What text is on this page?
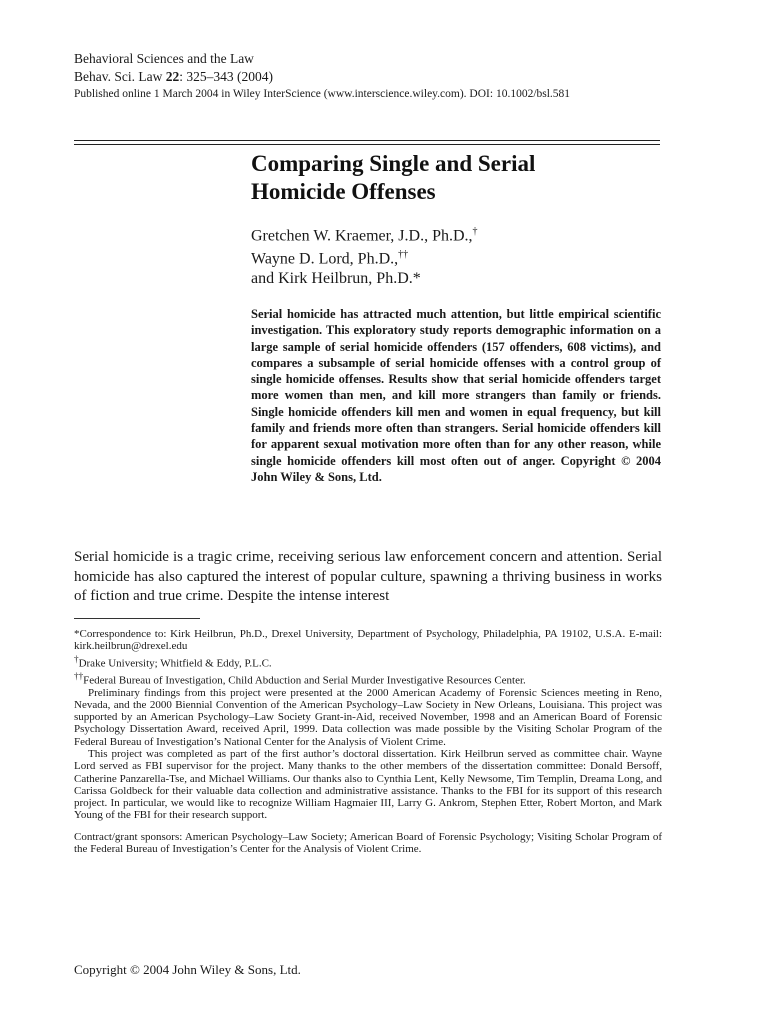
Behavioral Sciences and the Law
Behav. Sci. Law 22: 325–343 (2004)
Published online 1 March 2004 in Wiley InterScience (www.interscience.wiley.com). DOI: 10.1002/bsl.581
Comparing Single and Serial
Homicide Offenses
Gretchen W. Kraemer, J.D., Ph.D.,†
Wayne D. Lord, Ph.D.,††
and Kirk Heilbrun, Ph.D.*
Serial homicide has attracted much attention, but little empirical scientific investigation. This exploratory study reports demographic information on a large sample of serial homicide offenders (157 offenders, 608 victims), and compares a subsample of serial homicide offenses with a control group of single homicide offenses. Results show that serial homicide offenders target more women than men, and kill more strangers than family or friends. Single homicide offenders kill men and women in equal frequency, but kill family and friends more often than strangers. Serial homicide offenders kill for apparent sexual motivation more often than for any other reason, while single homicide offenders kill most often out of anger. Copyright © 2004 John Wiley & Sons, Ltd.
Serial homicide is a tragic crime, receiving serious law enforcement concern and attention. Serial homicide has also captured the interest of popular culture, spawning a thriving business in works of fiction and true crime. Despite the intense interest

*Correspondence to: Kirk Heilbrun, Ph.D., Drexel University, Department of Psychology, Philadelphia, PA 19102, U.S.A. E-mail: kirk.heilbrun@drexel.edu

†Drake University; Whitfield & Eddy, P.L.C.

††Federal Bureau of Investigation, Child Abduction and Serial Murder Investigative Resources Center.

Preliminary findings from this project were presented at the 2000 American Academy of Forensic Sciences meeting in Reno, Nevada, and the 2000 Biennial Convention of the American Psychology–Law Society in New Orleans, Louisiana. This project was supported by an American Psychology–Law Society Grant-in-Aid, received November, 1998 and an American Board of Forensic Psychology Dissertation Award, received April, 1999. Data collection was made possible by the Visiting Scholar Program of the Federal Bureau of Investigation’s National Center for the Analysis of Violent Crime.

This project was completed as part of the first author’s doctoral dissertation. Kirk Heilbrun served as committee chair. Wayne Lord served as FBI supervisor for the project. Many thanks to the other members of the dissertation committee: Donald Bersoff, Catherine Panzarella-Tse, and Michael Williams. Our thanks also to Cynthia Lent, Kelly Newsome, Tim Templin, Dreama Long, and Carissa Goldbeck for their valuable data collection and administrative assistance. Thanks to the FBI for its support of this research project. In particular, we would like to recognize William Hagmaier III, Larry G. Ankrom, Stephen Etter, Robert Morton, and Mark Young of the FBI for their research support.

Contract/grant sponsors: American Psychology–Law Society; American Board of Forensic Psychology; Visiting Scholar Program of the Federal Bureau of Investigation’s Center for the Analysis of Violent Crime.

Copyright © 2004 John Wiley & Sons, Ltd.
